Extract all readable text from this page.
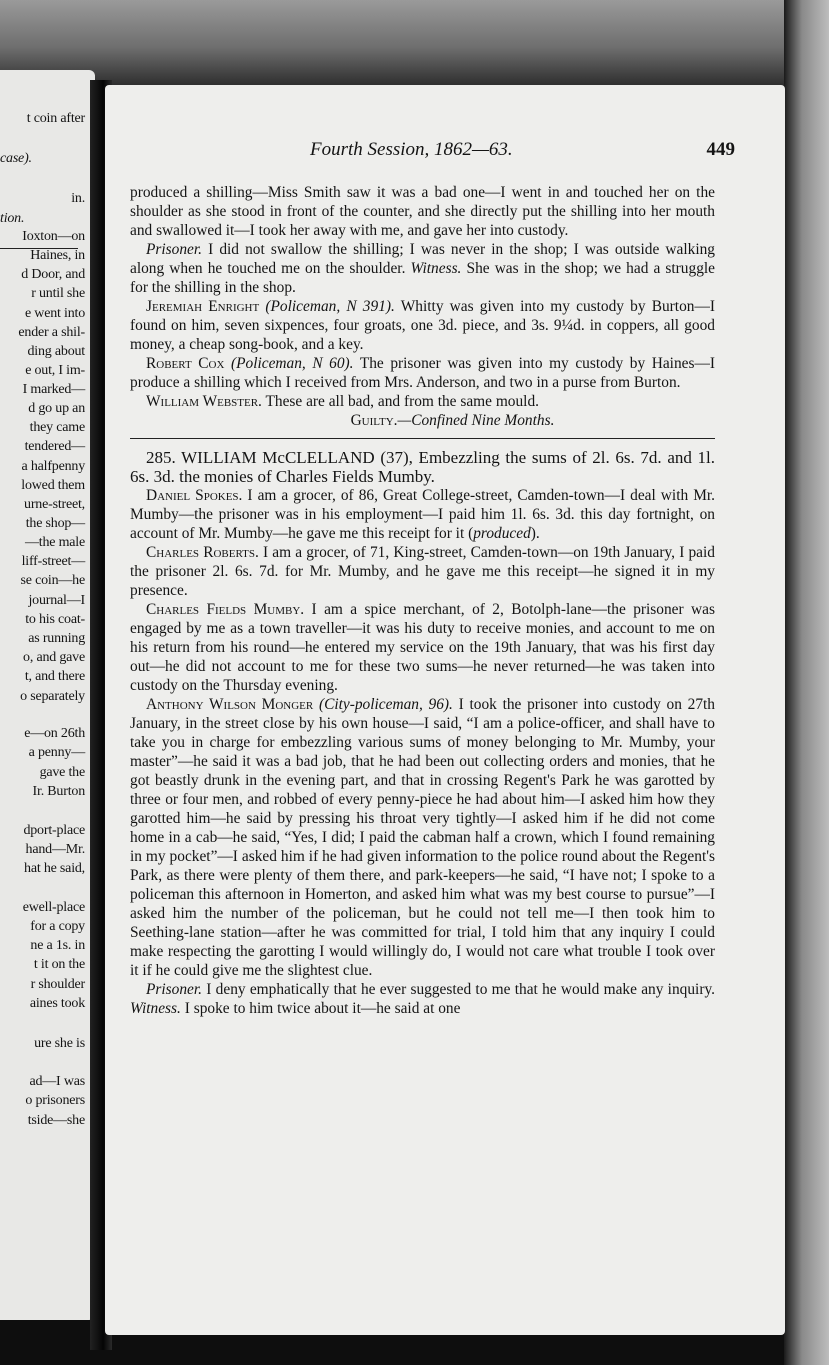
t coin after
case).
in.
tion.
Ioxton—on
Haines, in
d Door, and
r until she
e went into
ender a shil-
ding about
e out, I im-
I marked—
d go up an
they came
tendered—
a halfpenny
lowed them
urne-street,
the shop—
—the male
liff-street—
se coin—he
journal—I
to his coat-
as running
o, and gave
t, and there
o separately
e—on 26th
a penny—
gave the
Ir. Burton
dport-place
hand—Mr.
hat he said,
ewell-place
for a copy
ne a 1s. in
t it on the
r shoulder
aines took
ure she is
ad—I was
o prisoners
tside—she
Fourth Session, 1862—63.	449

produced a shilling—Miss Smith saw it was a bad one—I went in and touched her on the shoulder as she stood in front of the counter, and she directly put the shilling into her mouth and swallowed it—I took her away with me, and gave her into custody.

Prisoner. I did not swallow the shilling; I was never in the shop; I was outside walking along when he touched me on the shoulder. Witness. She was in the shop; we had a struggle for the shilling in the shop.

Jeremiah Enright (Policeman, N 391). Whitty was given into my custody by Burton—I found on him, seven sixpences, four groats, one 3d. piece, and 3s. 9¼d. in coppers, all good money, a cheap song-book, and a key.

Robert Cox (Policeman, N 60). The prisoner was given into my custody by Haines—I produce a shilling which I received from Mrs. Anderson, and two in a purse from Burton.

William Webster. These are all bad, and from the same mould.

Guilty.—Confined Nine Months.

285. WILLIAM McCLELLAND (37), Embezzling the sums of 2l. 6s. 7d. and 1l. 6s. 3d. the monies of Charles Fields Mumby.

Daniel Spokes. I am a grocer, of 86, Great College-street, Camden-town—I deal with Mr. Mumby—the prisoner was in his employment—I paid him 1l. 6s. 3d. this day fortnight, on account of Mr. Mumby—he gave me this receipt for it (produced).

Charles Roberts. I am a grocer, of 71, King-street, Camden-town—on 19th January, I paid the prisoner 2l. 6s. 7d. for Mr. Mumby, and he gave me this receipt—he signed it in my presence.

Charles Fields Mumby. I am a spice merchant, of 2, Botolph-lane—the prisoner was engaged by me as a town traveller—it was his duty to receive monies, and account to me on his return from his round—he entered my service on the 19th January, that was his first day out—he did not account to me for these two sums—he never returned—he was taken into custody on the Thursday evening.

Anthony Wilson Monger (City-policeman, 96). I took the prisoner into custody on 27th January, in the street close by his own house—I said, “I am a police-officer, and shall have to take you in charge for embezzling various sums of money belonging to Mr. Mumby, your master”—he said it was a bad job, that he had been out collecting orders and monies, that he got beastly drunk in the evening part, and that in crossing Regent's Park he was garotted by three or four men, and robbed of every penny-piece he had about him—I asked him how they garotted him—he said by pressing his throat very tightly—I asked him if he did not come home in a cab—he said, “Yes, I did; I paid the cabman half a crown, which I found remaining in my pocket”—I asked him if he had given information to the police round about the Regent's Park, as there were plenty of them there, and park-keepers—he said, “I have not; I spoke to a policeman this afternoon in Homerton, and asked him what was my best course to pursue”—I asked him the number of the policeman, but he could not tell me—I then took him to Seething-lane station—after he was committed for trial, I told him that any inquiry I could make respecting the garotting I would willingly do, I would not care what trouble I took over it if he could give me the slightest clue.

Prisoner. I deny emphatically that he ever suggested to me that he would make any inquiry. Witness. I spoke to him twice about it—he said at one
